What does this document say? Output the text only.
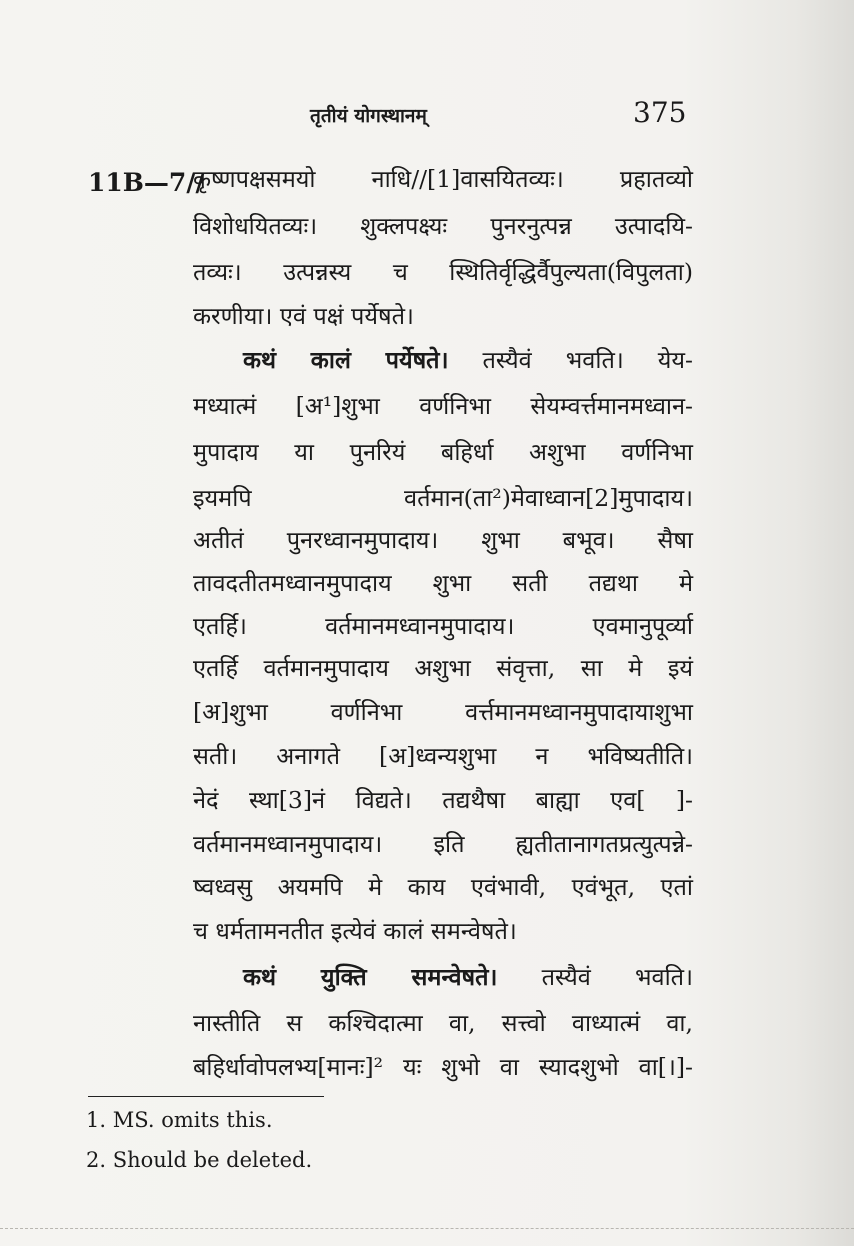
तृतीयं योगस्थानम्	375
11B—7//
कृष्णपक्षसमयो नाधि//[1]वासयितव्यः। प्रहातव्यो
विशोधयितव्यः। शुक्लपक्ष्यः पुनरनुत्पन्न उत्पादयि-
तव्यः। उत्पन्नस्य च स्थितिर्वृद्धिर्वैपुल्यता(विपुलता)
करणीया। एवं पक्षं पर्येषते।
कथं कालं पर्येषते। तस्यैवं भवति। येय-
मध्यात्मं [अ¹]शुभा वर्णनिभा सेयम्वर्त्तमानमध्वान-
मुपादाय या पुनरियं बहिर्धा अशुभा वर्णनिभा
इयमपि वर्तमान(ता²)मेवाध्वान[2]मुपादाय।
अतीतं पुनरध्वानमुपादाय। शुभा बभूव। सैषा
तावदतीतमध्वानमुपादाय शुभा सती तद्यथा मे
एतर्हि। वर्तमानमध्वानमुपादाय। एवमानुपूर्व्या
एतर्हि वर्तमानमुपादाय अशुभा संवृत्ता, सा मे इयं
[अ]शुभा वर्णनिभा वर्त्तमानमध्वानमुपादायाशुभा
सती। अनागते [अ]ध्वन्यशुभा न भविष्यतीति।
नेदं स्था[3]नं विद्यते। तद्यथैषा बाह्या एव[ ]-
वर्तमानमध्वानमुपादाय। इति ह्यतीतानागतप्रत्युत्पन्ने-
ष्वध्वसु अयमपि मे काय एवंभावी, एवंभूत, एतां
च धर्मतामनतीत इत्येवं कालं समन्वेषते।
कथं युक्ति समन्वेषते। तस्यैवं भवति।
नास्तीति स कश्चिदात्मा वा, सत्त्वो वाध्यात्मं वा,
बहिर्धावोपलभ्य[मानः]² यः शुभो वा स्यादशुभो वा[।]-
1. MS. omits this.
2. Should be deleted.
